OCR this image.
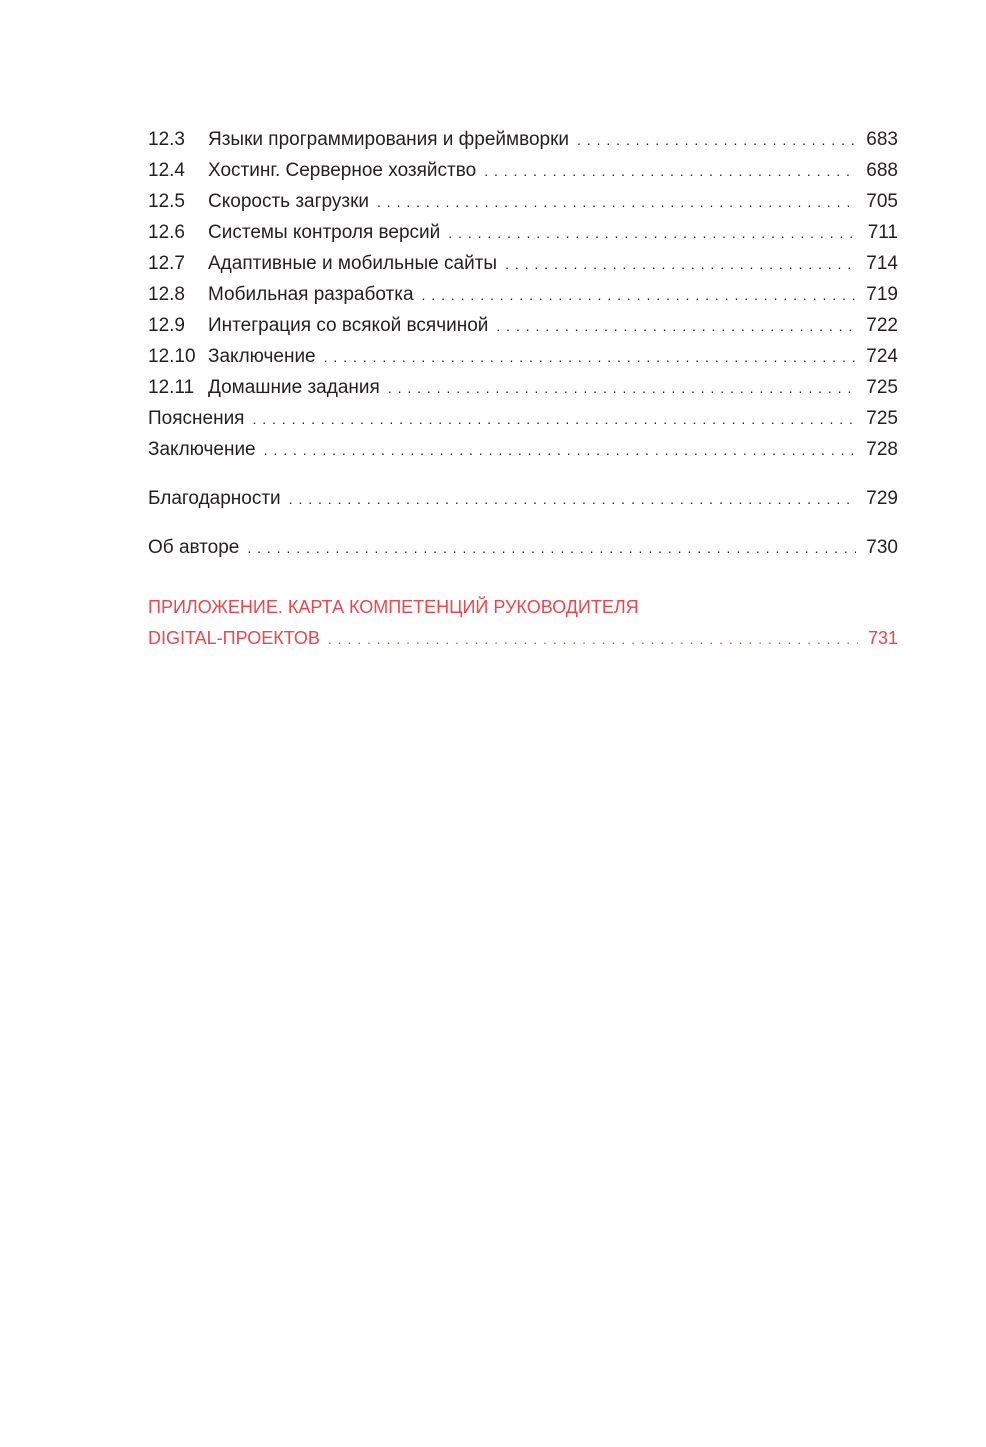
12.3	Языки программирования и фреймворки . . .	683
12.4	Хостинг. Серверное хозяйство . . .	688
12.5	Скорость загрузки . . .	705
12.6	Системы контроля версий . . .	711
12.7	Адаптивные и мобильные сайты . . .	714
12.8	Мобильная разработка . . .	719
12.9	Интеграция со всякой всячиной . . .	722
12.10 Заключение . . .	724
12.11 Домашние задания . . .	725
Пояснения . . .	725
Заключение . . .	728
Благодарности . . .	729
Об авторе . . .	730
ПРИЛОЖЕНИЕ. КАРТА КОМПЕТЕНЦИЙ РУКОВОДИТЕЛЯ
DIGITAL-ПРОЕКТОВ . . .	731
